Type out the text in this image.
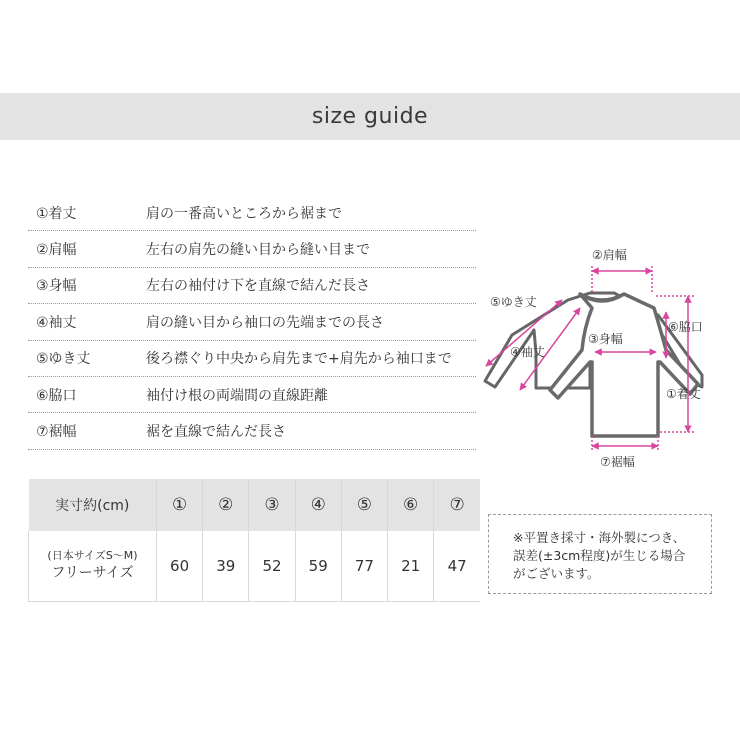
size guide
①着丈	肩の一番高いところから裾まで
②肩幅	左右の肩先の縫い目から縫い目まで
③身幅	左右の袖付け下を直線で結んだ長さ
④袖丈	肩の縫い目から袖口の先端までの長さ
⑤ゆき丈	後ろ襟ぐり中央から肩先まで+肩先から袖口まで
⑥脇口	袖付け根の両端間の直線距離
⑦裾幅	裾を直線で結んだ長さ
②肩幅
⑤ゆき丈
⑥脇口
③身幅
④袖丈
①着丈
⑦裾幅
実寸約(cm)	①	②	③	④	⑤	⑥	⑦

(日本サイズS〜M)
フリーサイズ	60	39	52	59	77	21	47
※平置き採寸・海外製につき、
誤差(±3cm程度)が生じる場合
がございます。
